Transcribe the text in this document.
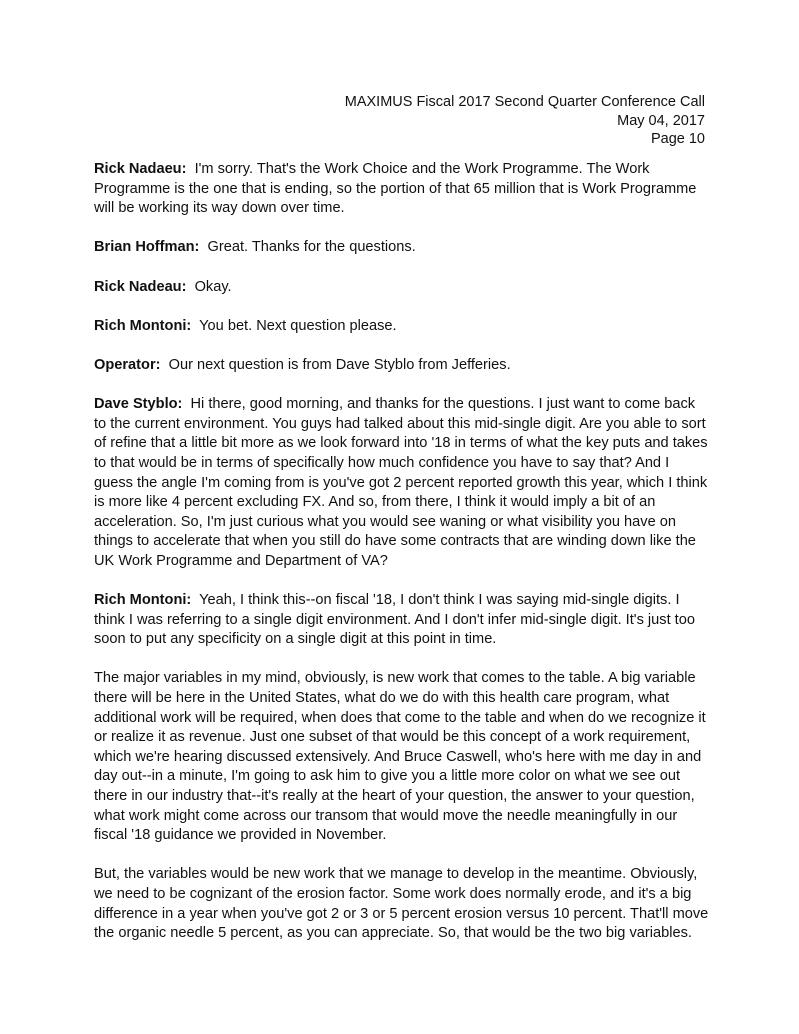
MAXIMUS Fiscal 2017 Second Quarter Conference Call
May 04, 2017
Page 10

Rick Nadaeu: I'm sorry. That's the Work Choice and the Work Programme. The Work Programme is the one that is ending, so the portion of that 65 million that is Work Programme will be working its way down over time.

Brian Hoffman: Great. Thanks for the questions.

Rick Nadeau: Okay.

Rich Montoni: You bet. Next question please.

Operator: Our next question is from Dave Styblo from Jefferies.

Dave Styblo: Hi there, good morning, and thanks for the questions. I just want to come back to the current environment. You guys had talked about this mid-single digit. Are you able to sort of refine that a little bit more as we look forward into '18 in terms of what the key puts and takes to that would be in terms of specifically how much confidence you have to say that? And I guess the angle I'm coming from is you've got 2 percent reported growth this year, which I think is more like 4 percent excluding FX. And so, from there, I think it would imply a bit of an acceleration. So, I'm just curious what you would see waning or what visibility you have on things to accelerate that when you still do have some contracts that are winding down like the UK Work Programme and Department of VA?

Rich Montoni: Yeah, I think this--on fiscal '18, I don't think I was saying mid-single digits. I think I was referring to a single digit environment. And I don't infer mid-single digit. It's just too soon to put any specificity on a single digit at this point in time.

The major variables in my mind, obviously, is new work that comes to the table. A big variable there will be here in the United States, what do we do with this health care program, what additional work will be required, when does that come to the table and when do we recognize it or realize it as revenue. Just one subset of that would be this concept of a work requirement, which we're hearing discussed extensively. And Bruce Caswell, who's here with me day in and day out--in a minute, I'm going to ask him to give you a little more color on what we see out there in our industry that--it's really at the heart of your question, the answer to your question, what work might come across our transom that would move the needle meaningfully in our fiscal '18 guidance we provided in November.

But, the variables would be new work that we manage to develop in the meantime. Obviously, we need to be cognizant of the erosion factor. Some work does normally erode, and it's a big difference in a year when you've got 2 or 3 or 5 percent erosion versus 10 percent. That'll move the organic needle 5 percent, as you can appreciate. So, that would be the two big variables.
